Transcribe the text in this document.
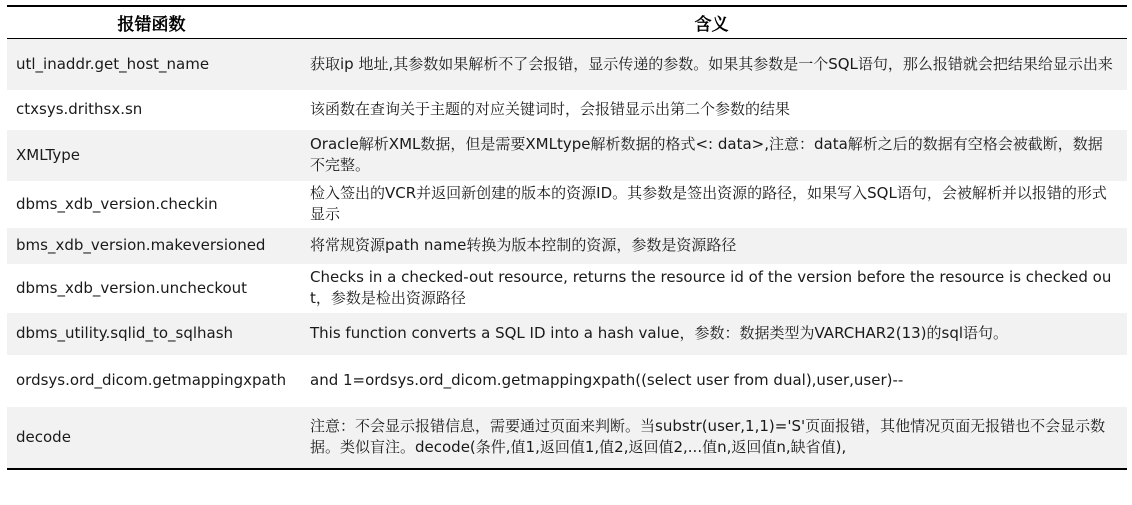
报错函数	含义
utl_inaddr.get_host_name	获取ip 地址,其参数如果解析不了会报错，显示传递的参数。如果其参数是一个SQL语句，那么报错就会把结果给显示出来
ctxsys.drithsx.sn	该函数在查询关于主题的对应关键词时，会报错显示出第二个参数的结果
XMLType	Oracle解析XML数据，但是需要XMLtype解析数据的格式<: data>,注意：data解析之后的数据有空格会被截断，数据不完整。
dbms_xdb_version.checkin	检入签出的VCR并返回新创建的版本的资源ID。其参数是签出资源的路径，如果写入SQL语句，会被解析并以报错的形式显示
bms_xdb_version.makeversioned	将常规资源path name转换为版本控制的资源，参数是资源路径
dbms_xdb_version.uncheckout	Checks in a checked-out resource, returns the resource id of the version before the resource is checked out，参数是检出资源路径
dbms_utility.sqlid_to_sqlhash	This function converts a SQL ID into a hash value，参数：数据类型为VARCHAR2(13)的sql语句。
ordsys.ord_dicom.getmappingxpath	and 1=ordsys.ord_dicom.getmappingxpath((select user from dual),user,user)--
decode	注意：不会显示报错信息，需要通过页面来判断。当substr(user,1,1)='S'页面报错，其他情况页面无报错也不会显示数据。类似盲注。decode(条件,值1,返回值1,值2,返回值2,...值n,返回值n,缺省值),
